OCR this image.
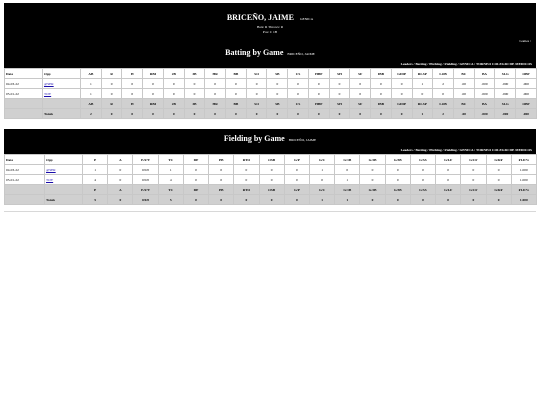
BRICEÑO, JAIME GENICA
Bats: R Throws: R
Pos: C 1B
Games /
Batting by Game BRICEÑO, JAIME
Leaders / Batting / Pitching / Fielding / GENICA / TORNEO COLEGIO DE MEDICOS
Date	Opp	AB	R	H	RBI	2B	3B	HR	BB	SO	SB	CS	HBP	SH	SF	IBB	GIDP	RLSP	LOB	BC	BA	SLG	OBP
04-03-22	@SER	1	0	0	0	0	0	0	0	0	0	0	0	0	0	0	0	1	2	.00	.000	.000	.000
05-01-22	TOY	1	0	0	0	0	0	0	0	0	0	0	0	0	0	0	0	0	0	.00	.000	.000	.000
		AB	R	H	RBI	2B	3B	HR	BB	SO	SB	CS	HBP	SH	SF	IBB	GIDP	RLSP	LOB	BC	BA	SLG	OBP
	Totals	2	0	0	0	0	0	0	0	0	0	0	0	0	0	0	0	1	2	.00	.000	.000	.000
Fielding by Game BRICEÑO, JAIME
Leaders / Batting / Pitching / Fielding / GENICA / TORNEO COLEGIO DE MEDICOS
Date	Opp	P	A	E/F/T	TC	DP	PB	RTO	OSB	G/P	G/C	G/1B	G/2B	G/3B	G/SS	G/LF	G/CF	G/RF	FLD%
04-03-22	@SER	1	0	0/0/0	1	0	0	0	0	0	1	0	0	0	0	0	0	0	1.000
05-01-22	TOY	4	0	0/0/0	4	0	0	0	0	0	0	1	0	0	0	0	0	0	1.000
		P	A	E/F/T	TC	DP	PB	RTO	OSB	G/P	G/C	G/1B	G/2B	G/3B	G/SS	G/LF	G/CF	G/RF	FLD%
	Totals	5	0	0/0/0	5	0	0	0	0	0	1	1	0	0	0	0	0	0	1.000
